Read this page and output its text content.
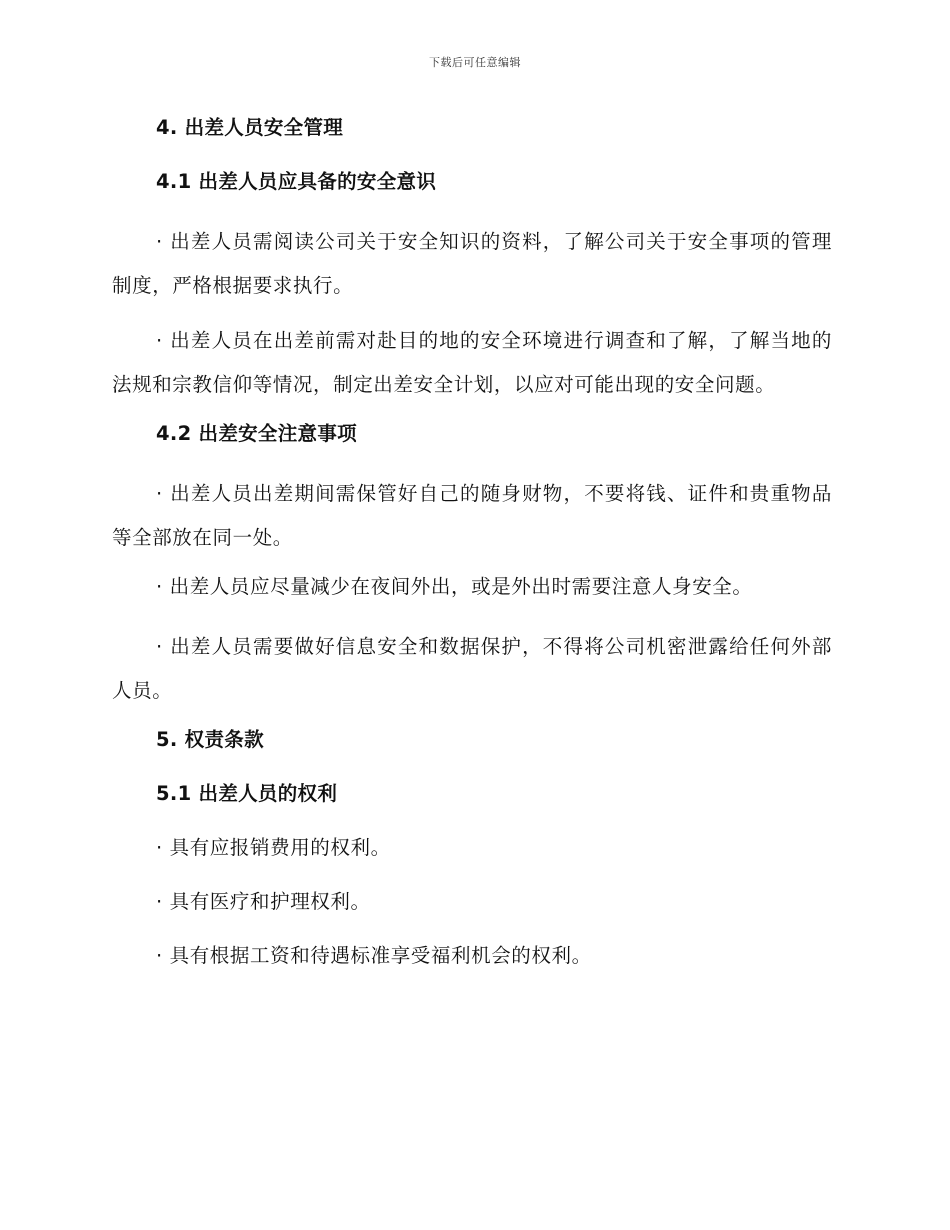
下载后可任意编辑
4. 出差人员安全管理
4.1 出差人员应具备的安全意识

· 出差人员需阅读公司关于安全知识的资料，了解公司关于安全事项的管理制度，严格根据要求执行。

· 出差人员在出差前需对赴目的地的安全环境进行调查和了解，了解当地的法规和宗教信仰等情况，制定出差安全计划，以应对可能出现的安全问题。

4.2 出差安全注意事项

· 出差人员出差期间需保管好自己的随身财物，不要将钱、证件和贵重物品等全部放在同一处。

· 出差人员应尽量减少在夜间外出，或是外出时需要注意人身安全。

· 出差人员需要做好信息安全和数据保护，不得将公司机密泄露给任何外部人员。

5. 权责条款
5.1 出差人员的权利
· 具有应报销费用的权利。
· 具有医疗和护理权利。
· 具有根据工资和待遇标准享受福利机会的权利。
